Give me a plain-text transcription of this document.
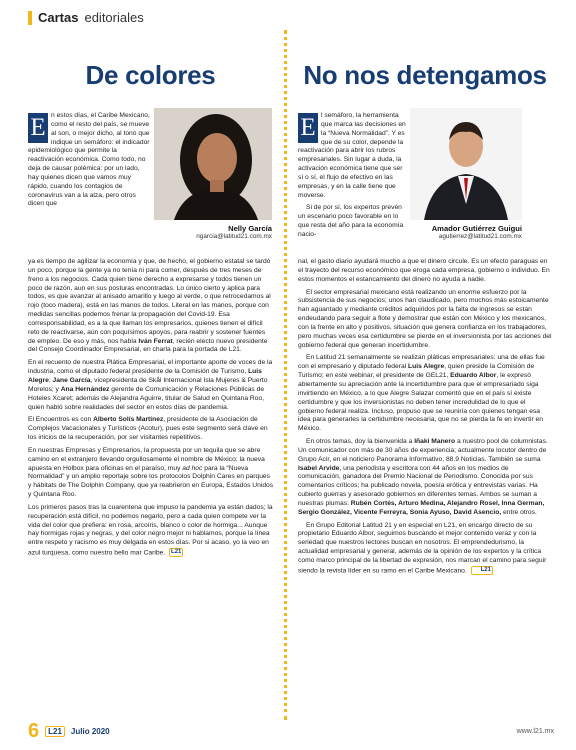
Cartas editoriales
De colores
Nelly García
ngarcia@latitud21.com.mx
E n estos días, el Caribe Mexicano, como el resto del país, se mueve al son, o mejor dicho, al tono que indique un semáforo: el indicador epidemiológico que permite la reactivación económica. Como todo, no deja de causar polémica: por un lado, hay quienes dicen que vamos muy rápido, cuando los contagios de coronavirus van a la alza, pero otros dicen que

ya es tiempo de agilizar la economía y que, de hecho, el gobierno estatal se tardó un poco, porque la gente ya no tenía ni para comer, después de tres meses de freno a los negocios. Cada quien tiene derecho a expresarse y todos tienen un poco de razón, aun en sus posturas encontradas. Lo único cierto y aplica para todos, es que avanzar al anisado amarillo y luego al verde, o que retrocedamos al rojo (toco madera), está en las manos de todos. Literal en las manos, porque con medidas sencillas podemos frenar la propagación del Covid-19. Esa corresponsabilidad, es a la que llaman los empresarios, quienes tienen el difícil reto de reactivarse, aún con poquísimos apoyos, para reabrir y sostener fuentes de empleo. De eso y más, nos habla Iván Ferrat, recién electo nuevo presidente del Consejo Coordinador Empresarial, en charla para la portada de L21.

En el recuento de nuestra Plática Empresarial, el importante aporte de voces de la industria, como el diputado federal presidente de la Comisión de Turismo, Luis Alegre; Jane García, vicepresidenta de Skål Internacional Isla Mujeres & Puerto Morelos; y Ana Hernández gerente de Comunicación y Relaciones Públicas de Hoteles Xcaret; además de Alejandra Aguirre, titular de Salud en Quintana Roo, quien habló sobre realidades del sector en estos días de pandemia.

El Encuentros es con Alberto Solís Martínez, presidente de la Asociación de Complejos Vacacionales y Turísticos (Acotur), pues este segmento será clave en los inicios de la recuperación, por ser visitantes repetitivos.

En nuestras Empresas y Empresarios, la propuesta por un tequila que se abre camino en el extranjero llevando orgullosamente el nombre de México; la nueva apuesta en Holbox para oficinas en el paraíso, muy ad hoc para la “Nueva Normalidad” y un amplio reportaje sobre los protocolos Dolphin Cares en parques y hábitats de The Dolphin Company, que ya reabrieron en Europa, Estados Unidos y Quintana Roo.

Los primeros pasos tras la cuarentena que impuso la pandemia ya están dados; la recuperación está difícil, no podemos negarlo, pero a cada quien compete ver la vida del color que prefiera: en rosa, arcoíris, blanco o color de hormiga... Aunque hay hormigas rojas y negras, y del color negro mejor ni hablamos, porque la línea entre respeto y racismo es muy delgada en estos días. Por si acaso, yo la veo en azul turquesa, como nuestro bello mar Caribe. L21

No nos detengamos
Amador Gutiérrez Guigui
agutierrez@latitud21.com.mx

E l semáforo, la herramienta que marca las decisiones en la “Nueva Normalidad”. Y es que de su color, depende la reactivación para abrir los rubros empresariales. Sin lugar a duda, la activación económica tiene que ser sí o sí, el flujo de efectivo en las empresas, y en la calle tiene que moverse.

Si de por sí, los expertos prevén un escenario poco favorable en lo que resta del año para la economía nacio-

nal, el gasto diario ayudará mucho a que el dinero circule. Es un efecto paraguas en el trayecto del recurso económico que eroga cada empresa, gobierno o individuo. En estos momentos el estancamiento del dinero no ayuda a nadie.

El sector empresarial mexicano está realizando un enorme esfuerzo por la subsistencia de sus negocios; unos han claudicado, pero muchos más estoicamente han aguantado y mediante créditos adquiridos por la falta de ingresos se están endeudando para seguir a flote y demostrar que están con México y los mexicanos, con la frente en alto y positivos, situación que genera confianza en los trabajadores, pero muchas veces esa certidumbre se pierde en el inversionista por las acciones del gobierno federal que generan incertidumbre.

En Latitud 21 semanalmente se realizan pláticas empresariales: una de ellas fue con el empresario y diputado federal Luis Alegre, quien preside la Comisión de Turismo; en este webinar, el presidente de GEL21, Eduardo Albor, le expresó abiertamente su apreciación ante la incertidumbre para que el empresariado siga invirtiendo en México, a lo que Alegre Salazar comentó que en el país sí existe certidumbre y que los inversionistas no deben tener incredulidad de lo que el gobierno federal realiza. Incluso, propuso que se reuniría con quienes tengan esa idea para generarles la certidumbre necesaria, que no se pierda la fe en invertir en México.

En otros temas, doy la bienvenida a Iñaki Manero a nuestro pool de columnistas. Un comunicador con más de 30 años de experiencia; actualmente locutor dentro de Grupo Acir, en el noticiero Panorama Informativo, 88.9 Noticias. También se suma Isabel Arvide, una periodista y escritora con 44 años en los medios de comunicación, ganadora del Premio Nacional de Periodismo. Conocida por sus comentarios críticos; ha publicado novela, poesía erótica y entrevistas varias. Ha cubierto guerras y asesorado gobiernos en diferentes temas. Ambos se suman a nuestras plumas: Rubén Cortés, Arturo Medina, Alejandro Rosel, Inna German, Sergio González, Vicente Ferreyra, Sonia Ayuso, David Asencio, entre otros.

En Grupo Editorial Latitud 21 y en especial en L21, en encargo directo de su propietario Eduardo Albor, seguimos buscando el mejor contenido veraz y con la seriedad que nuestros lectores buscan en nosotros. El emprendedurismo, la actualidad empresarial y general, además de la opinión de los expertos y la crítica como marco principal de la libertad de expresión, nos marcan el camino para seguir siendo la revista líder en su ramo en el Caribe Mexicano. L21

6	L21	Julio 2020	www.l21.mx
